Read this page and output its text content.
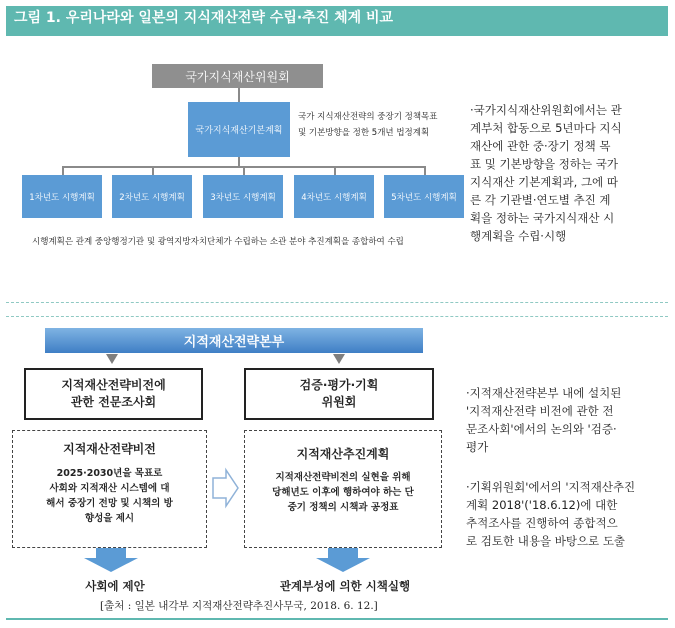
그림 1. 우리나라와 일본의 지식재산전략 수립·추진 체계 비교
국가지식재산위원회
국가지식재산기본계획
국가 지식재산전략의 중장기 정책목표
및 기본방향을 정한 5개년 법정계획
1차년도 시행계획	2차년도 시행계획	3차년도 시행계획	4차년도 시행계획	5차년도 시행계획
시행계획은 관계 중앙행정기관 및 광역지방자치단체가 수립하는 소관 분야 추진계획을 종합하여 수립
·국가지식재산위원회에서는 관
계부처 합동으로 5년마다 지식
재산에 관한 중·장기 정책 목
표 및 기본방향을 정하는 국가
지식재산 기본계획과, 그에 따
른 각 기관별·연도별 추진 계
획을 정하는 국가지식재산 시
행계획을 수립·시행
지적재산전략본부
지적재산전략비전에
관한 전문조사회
검증·평가·기획
위원회
지적재산전략비전
2025·2030년을 목표로
사회와 지적재산 시스템에 대
해서 중장기 전망 및 시책의 방
향성을 제시
지적재산추진계획
지적재산전략비전의 실현을 위해
당해년도 이후에 행하여야 하는 단
중기 정책의 시책과 공정표
사회에 제안	관계부성에 의한 시책실행
·지적재산전략본부 내에 설치된
'지적재산전략 비전에 관한 전
문조사회'에서의 논의와 '검증·
평가
·기획위원회'에서의 '지적재산추진
계획 2018'('18.6.12)에 대한
추적조사를 진행하여 종합적으
로 검토한 내용을 바탕으로 도출
[출처 : 일본 내각부 지적재산전략추진사무국, 2018. 6. 12.]
